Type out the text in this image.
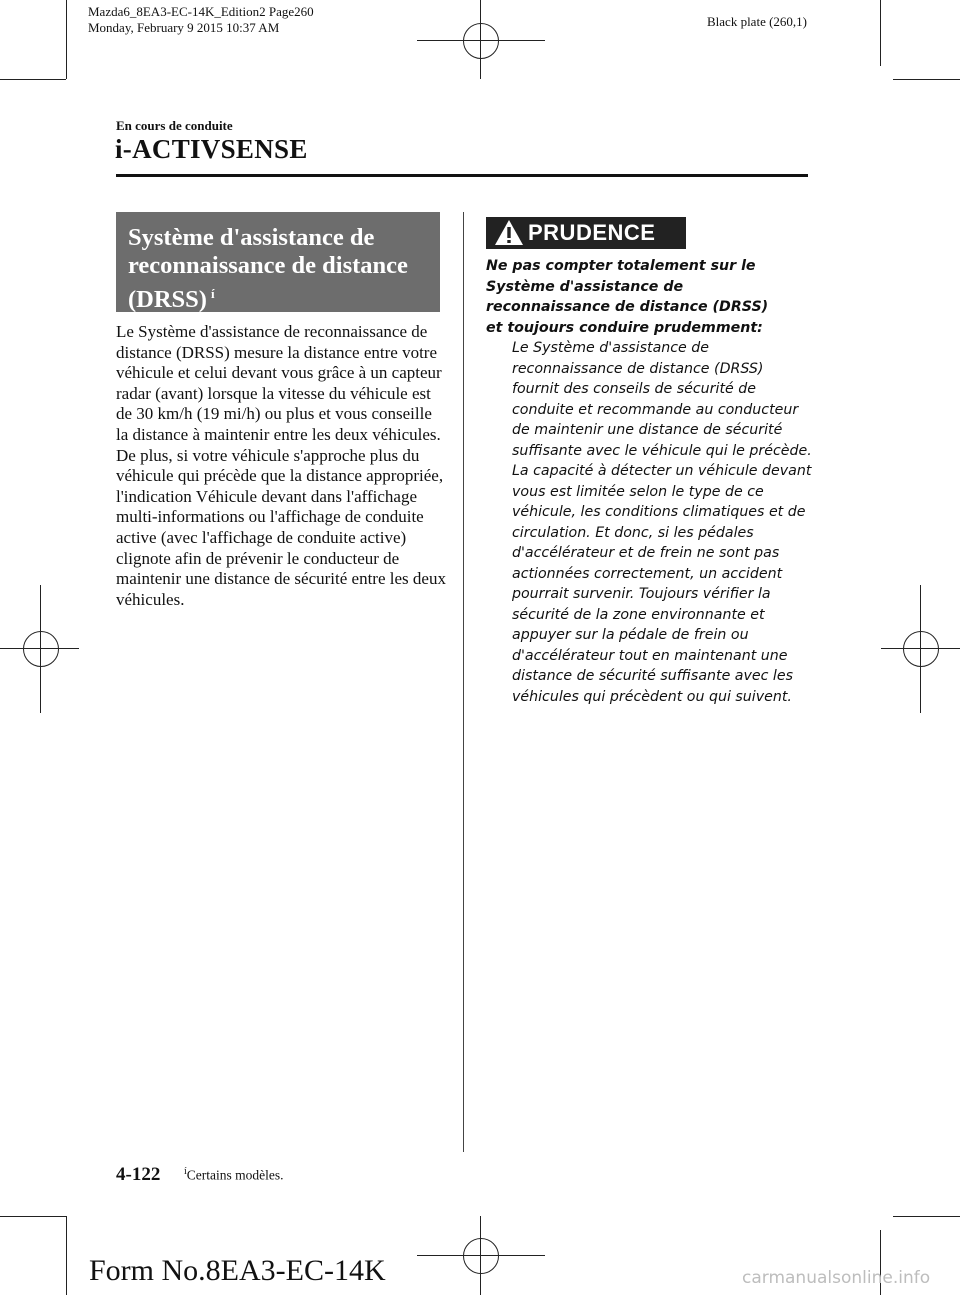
Mazda6_8EA3-EC-14K_Edition2 Page260
Monday, February 9 2015 10:37 AM	Black plate (260,1)
En cours de conduite
i-ACTIVSENSE
Système d'assistance de reconnaissance de distance (DRSS) $^í$
Le Système d'assistance de reconnaissance de distance (DRSS) mesure la distance entre votre véhicule et celui devant vous grâce à un capteur radar (avant) lorsque la vitesse du véhicule est de 30 km/h (19 mi/h) ou plus et vous conseille la distance à maintenir entre les deux véhicules. De plus, si votre véhicule s'approche plus du véhicule qui précède que la distance appropriée, l'indication Véhicule devant dans l'affichage multi-informations ou l'affichage de conduite active (avec l'affichage de conduite active) clignote afin de prévenir le conducteur de maintenir une distance de sécurité entre les deux véhicules.
PRUDENCE
Ne pas compter totalement sur le Système d'assistance de reconnaissance de distance (DRSS) et toujours conduire prudemment:
Le Système d'assistance de reconnaissance de distance (DRSS) fournit des conseils de sécurité de conduite et recommande au conducteur de maintenir une distance de sécurité suffisante avec le véhicule qui le précède. La capacité à détecter un véhicule devant vous est limitée selon le type de ce véhicule, les conditions climatiques et de circulation. Et donc, si les pédales d'accélérateur et de frein ne sont pas actionnées correctement, un accident pourrait survenir. Toujours vérifier la sécurité de la zone environnante et appuyer sur la pédale de frein ou d'accélérateur tout en maintenant une distance de sécurité suffisante avec les véhicules qui précèdent ou qui suivent.
4-122 $^í$Certains modèles.
Form No.8EA3-EC-14K	carmanualsonline.info
